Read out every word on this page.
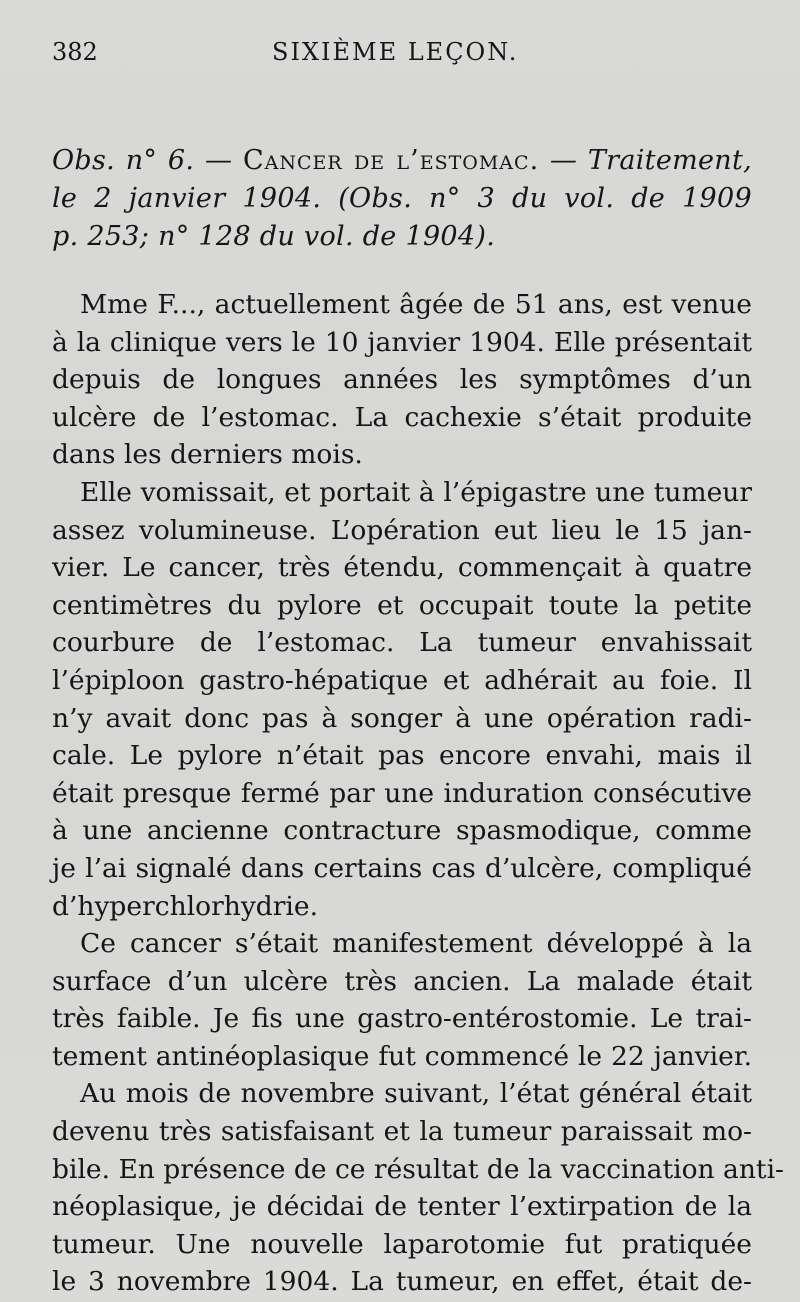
382	SIXIÈME LEÇON.
Obs. n° 6. — Cancer de l’estomac. — Traitement,
le 2 janvier 1904. (Obs. n° 3 du vol. de 1909
p. 253; n° 128 du vol. de 1904).
Mme F..., actuellement âgée de 51 ans, est venue
à la clinique vers le 10 janvier 1904. Elle présentait
depuis de longues années les symptômes d’un
ulcère de l’estomac. La cachexie s’était produite
dans les derniers mois.
Elle vomissait, et portait à l’épigastre une tumeur
assez volumineuse. L’opération eut lieu le 15 jan-
vier. Le cancer, très étendu, commençait à quatre
centimètres du pylore et occupait toute la petite
courbure de l’estomac. La tumeur envahissait
l’épiploon gastro-hépatique et adhérait au foie. Il
n’y avait donc pas à songer à une opération radi-
cale. Le pylore n’était pas encore envahi, mais il
était presque fermé par une induration consécutive
à une ancienne contracture spasmodique, comme
je l’ai signalé dans certains cas d’ulcère, compliqué
d’hyperchlorhydrie.
Ce cancer s’était manifestement développé à la
surface d’un ulcère très ancien. La malade était
très faible. Je fis une gastro-entérostomie. Le trai-
tement antinéoplasique fut commencé le 22 janvier.
Au mois de novembre suivant, l’état général était
devenu très satisfaisant et la tumeur paraissait mo-
bile. En présence de ce résultat de la vaccination anti-
néoplasique, je décidai de tenter l’extirpation de la
tumeur. Une nouvelle laparotomie fut pratiquée
le 3 novembre 1904. La tumeur, en effet, était de-
